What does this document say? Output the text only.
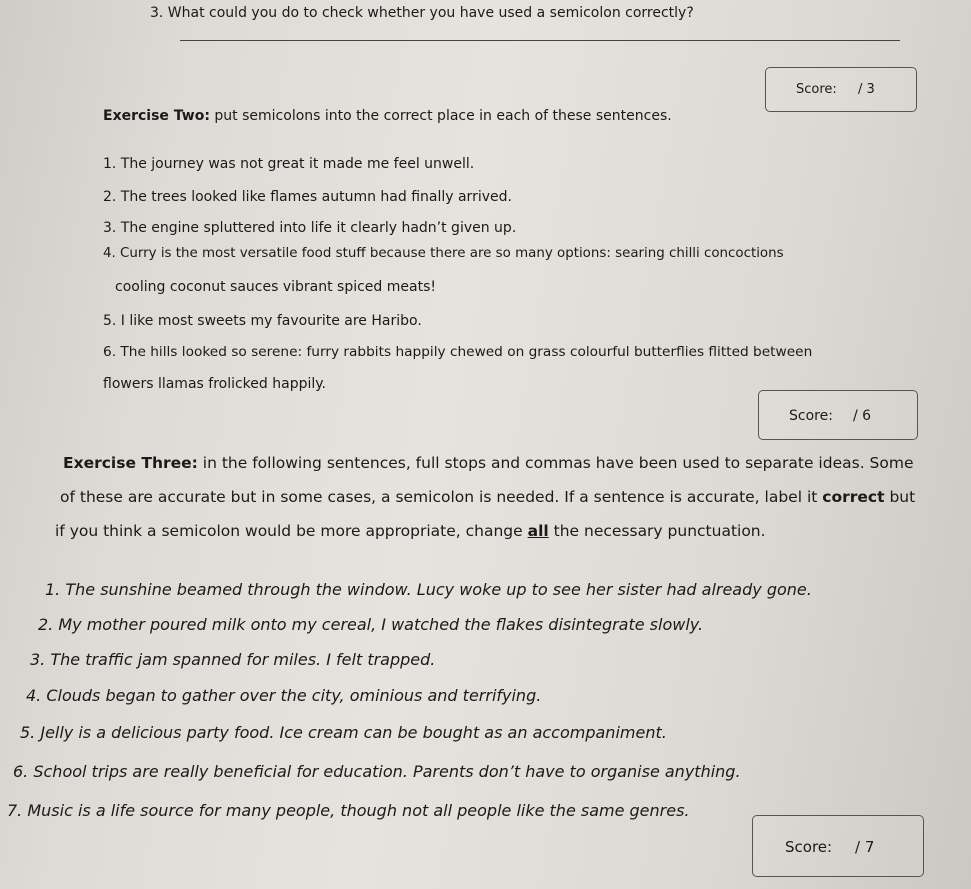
3. What could you do to check whether you have used a semicolon correctly?
Score: / 3
Exercise Two: put semicolons into the correct place in each of these sentences.
1. The journey was not great it made me feel unwell.
2. The trees looked like flames autumn had finally arrived.
3. The engine spluttered into life it clearly hadn’t given up.
4. Curry is the most versatile food stuff because there are so many options: searing chilli concoctions
cooling coconut sauces vibrant spiced meats!
5. I like most sweets my favourite are Haribo.
6. The hills looked so serene: furry rabbits happily chewed on grass colourful butterflies flitted between
flowers llamas frolicked happily.
Score: / 6
Exercise Three: in the following sentences, full stops and commas have been used to separate ideas. Some
of these are accurate but in some cases, a semicolon is needed. If a sentence is accurate, label it correct but
if you think a semicolon would be more appropriate, change all the necessary punctuation.
1. The sunshine beamed through the window. Lucy woke up to see her sister had already gone.
2. My mother poured milk onto my cereal, I watched the flakes disintegrate slowly.
3. The traffic jam spanned for miles. I felt trapped.
4. Clouds began to gather over the city, ominious and terrifying.
5. Jelly is a delicious party food. Ice cream can be bought as an accompaniment.
6. School trips are really beneficial for education. Parents don’t have to organise anything.
7. Music is a life source for many people, though not all people like the same genres.
Score: / 7
